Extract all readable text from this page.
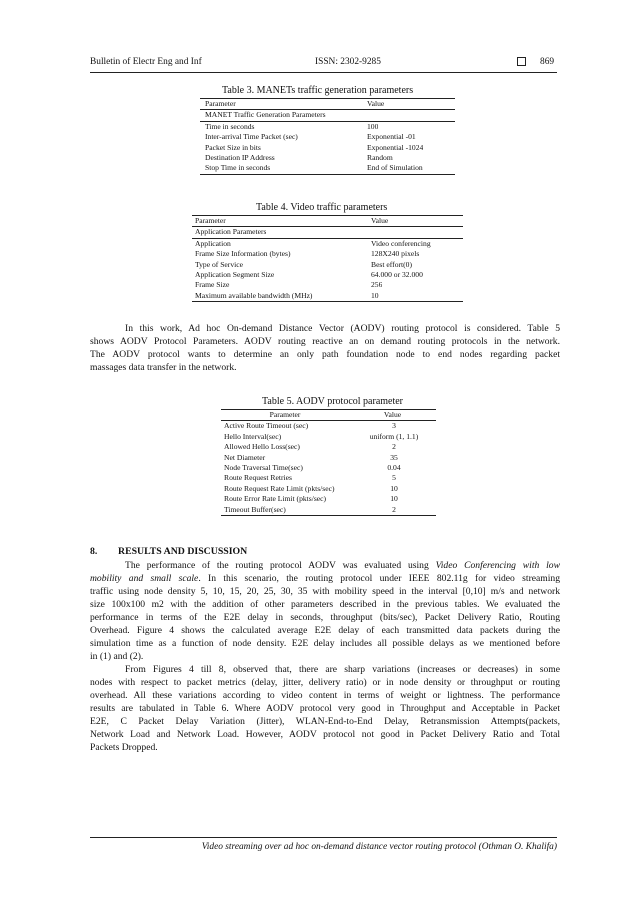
Bulletin of Electr Eng and Inf	ISSN: 2302-9285	869
Table 3. MANETs traffic generation parameters
Parameter	Value
MANET Traffic Generation Parameters
Time in seconds	100
Inter-arrival Time Packet (sec)	Exponential -01
Packet Size in bits	Exponential -1024
Destination IP Address	Random
Stop Time in seconds	End of Simulation
Table 4. Video traffic parameters
Parameter	Value
Application Parameters
Application	Video conferencing
Frame Size Information (bytes)	128X240 pixels
Type of Service	Best effort(0)
Application Segment Size	64.000 or 32.000
Frame Size	256
Maximum available bandwidth (MHz)	10
In this work, Ad hoc On-demand Distance Vector (AODV) routing protocol is considered. Table 5
shows AODV Protocol Parameters. AODV routing reactive an on demand routing protocols in the network.
The AODV protocol wants to determine an only path foundation node to end nodes regarding packet
massages data transfer in the network.
Table 5. AODV protocol parameter
Parameter	Value
Active Route Timeout (sec)	3
Hello Interval(sec)	uniform (1, 1.1)
Allowed Hello Loss(sec)	2
Net Diameter	35
Node Traversal Time(sec)	0.04
Route Request Retries	5
Route Request Rate Limit (pkts/sec)	10
Route Error Rate Limit (pkts/sec)	10
Timeout Buffer(sec)	2
8. RESULTS AND DISCUSSION
The performance of the routing protocol AODV was evaluated using Video Conferencing with low
mobility and small scale. In this scenario, the routing protocol under IEEE 802.11g for video streaming
traffic using node density 5, 10, 15, 20, 25, 30, 35 with mobility speed in the interval [0,10] m/s and network
size 100x100 m2 with the addition of other parameters described in the previous tables. We evaluated the
performance in terms of the E2E delay in seconds, throughput (bits/sec), Packet Delivery Ratio, Routing
Overhead. Figure 4 shows the calculated average E2E delay of each transmitted data packets during the
simulation time as a function of node density. E2E delay includes all possible delays as we mentioned before
in (1) and (2).
From Figures 4 till 8, observed that, there are sharp variations (increases or decreases) in some
nodes with respect to packet metrics (delay, jitter, delivery ratio) or in node density or throughput or routing
overhead. All these variations according to video content in terms of weight or lightness. The performance
results are tabulated in Table 6. Where AODV protocol very good in Throughput and Acceptable in Packet
E2E, C Packet Delay Variation (Jitter), WLAN-End-to-End Delay, Retransmission Attempts(packets,
Network Load and Network Load. However, AODV protocol not good in Packet Delivery Ratio and Total
Packets Dropped.
Video streaming over ad hoc on-demand distance vector routing protocol (Othman O. Khalifa)
